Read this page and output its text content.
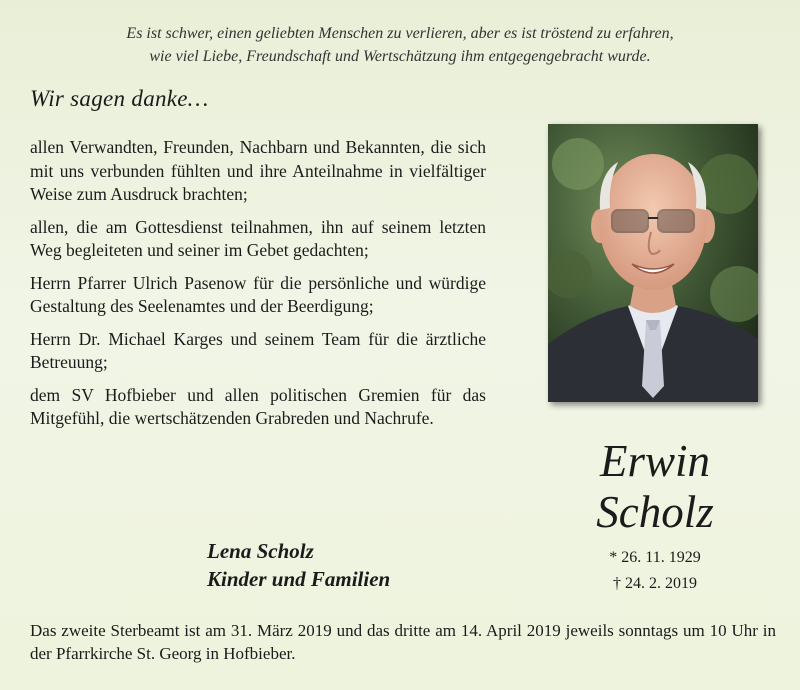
Es ist schwer, einen geliebten Menschen zu verlieren, aber es ist tröstend zu erfahren,
wie viel Liebe, Freundschaft und Wertschätzung ihm entgegengebracht wurde.
Wir sagen danke…

allen Verwandten, Freunden, Nachbarn und Bekannten, die sich mit uns verbunden fühlten und ihre Anteilnahme in vielfältiger Weise zum Ausdruck brachten;

allen, die am Gottesdienst teilnahmen, ihn auf seinem letzten Weg begleiteten und seiner im Gebet gedachten;

Herrn Pfarrer Ulrich Pasenow für die persönliche und würdige Gestaltung des Seelenamtes und der Beerdigung;

Herrn Dr. Michael Karges und seinem Team für die ärztliche Betreuung;

dem SV Hofbieber und allen politischen Gremien für das Mitgefühl, die wertschätzenden Grabreden und Nachrufe.

Erwin
Scholz
* 26. 11. 1929
† 24. 2. 2019
Lena Scholz
Kinder und Familien
Das zweite Sterbeamt ist am 31. März 2019 und das dritte am 14. April 2019 jeweils sonntags um 10 Uhr in der Pfarrkirche St. Georg in Hofbieber.
